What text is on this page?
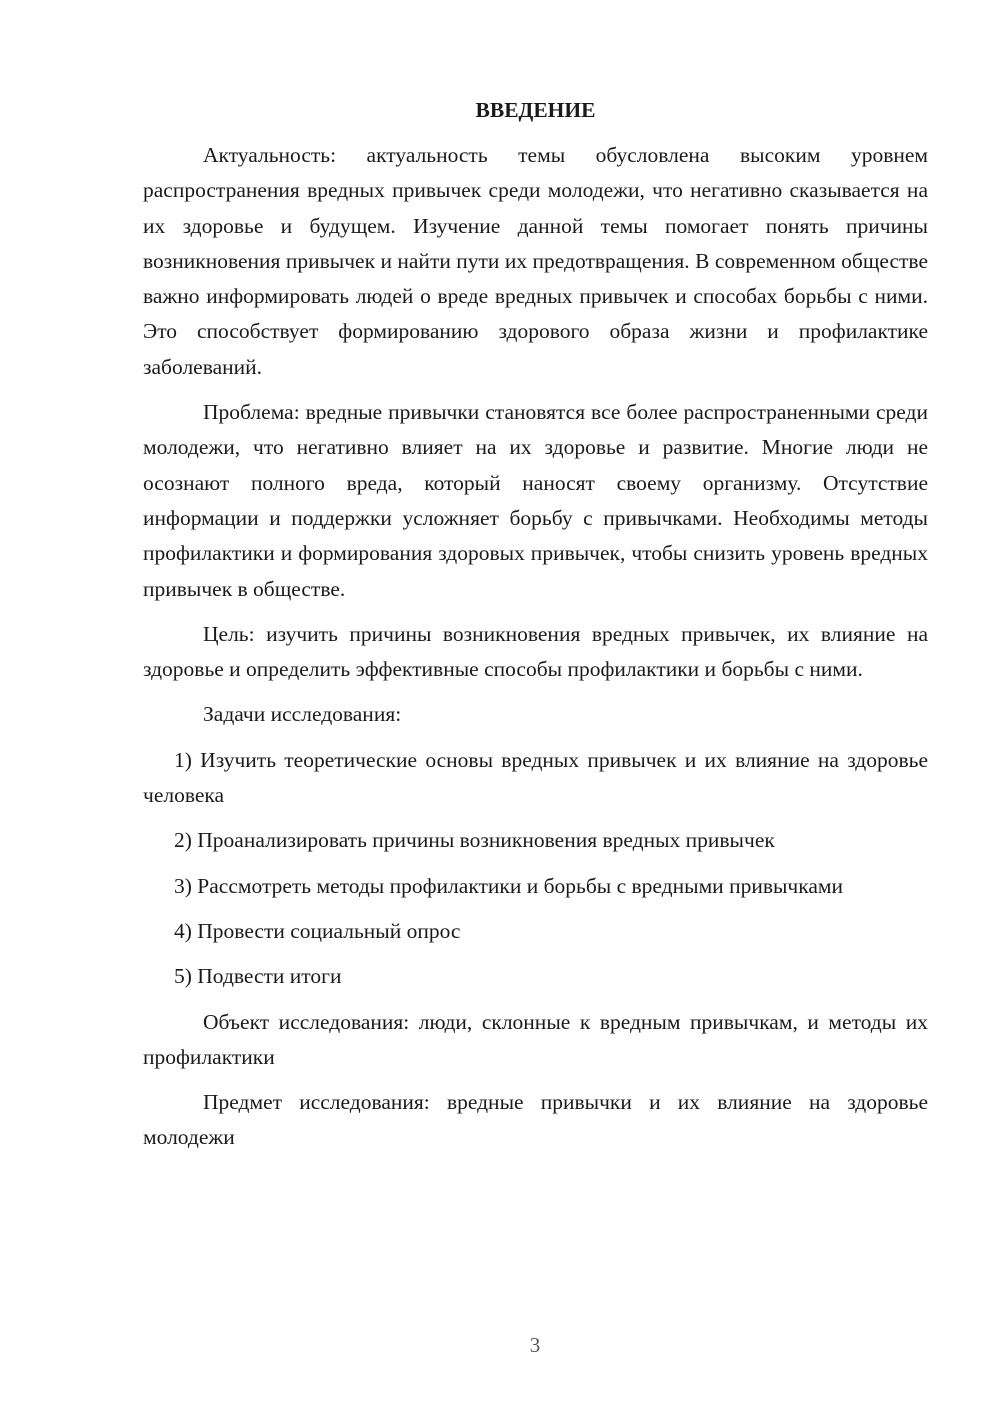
ВВЕДЕНИЕ

Актуальность: актуальность темы обусловлена высоким уровнем распространения вредных привычек среди молодежи, что негативно сказывается на их здоровье и будущем. Изучение данной темы помогает понять причины возникновения привычек и найти пути их предотвращения. В современном обществе важно информировать людей о вреде вредных привычек и способах борьбы с ними. Это способствует формированию здорового образа жизни и профилактике заболеваний.

Проблема: вредные привычки становятся все более распространенными среди молодежи, что негативно влияет на их здоровье и развитие. Многие люди не осознают полного вреда, который наносят своему организму. Отсутствие информации и поддержки усложняет борьбу с привычками. Необходимы методы профилактики и формирования здоровых привычек, чтобы снизить уровень вредных привычек в обществе.

Цель: изучить причины возникновения вредных привычек, их влияние на здоровье и определить эффективные способы профилактики и борьбы с ними.

Задачи исследования:

1) Изучить теоретические основы вредных привычек и их влияние на здоровье человека

2) Проанализировать причины возникновения вредных привычек

3) Рассмотреть методы профилактики и борьбы с вредными привычками

4) Провести социальный опрос

5) Подвести итоги

Объект исследования: люди, склонные к вредным привычкам, и методы их профилактики

Предмет исследования: вредные привычки и их влияние на здоровье молодежи

3
